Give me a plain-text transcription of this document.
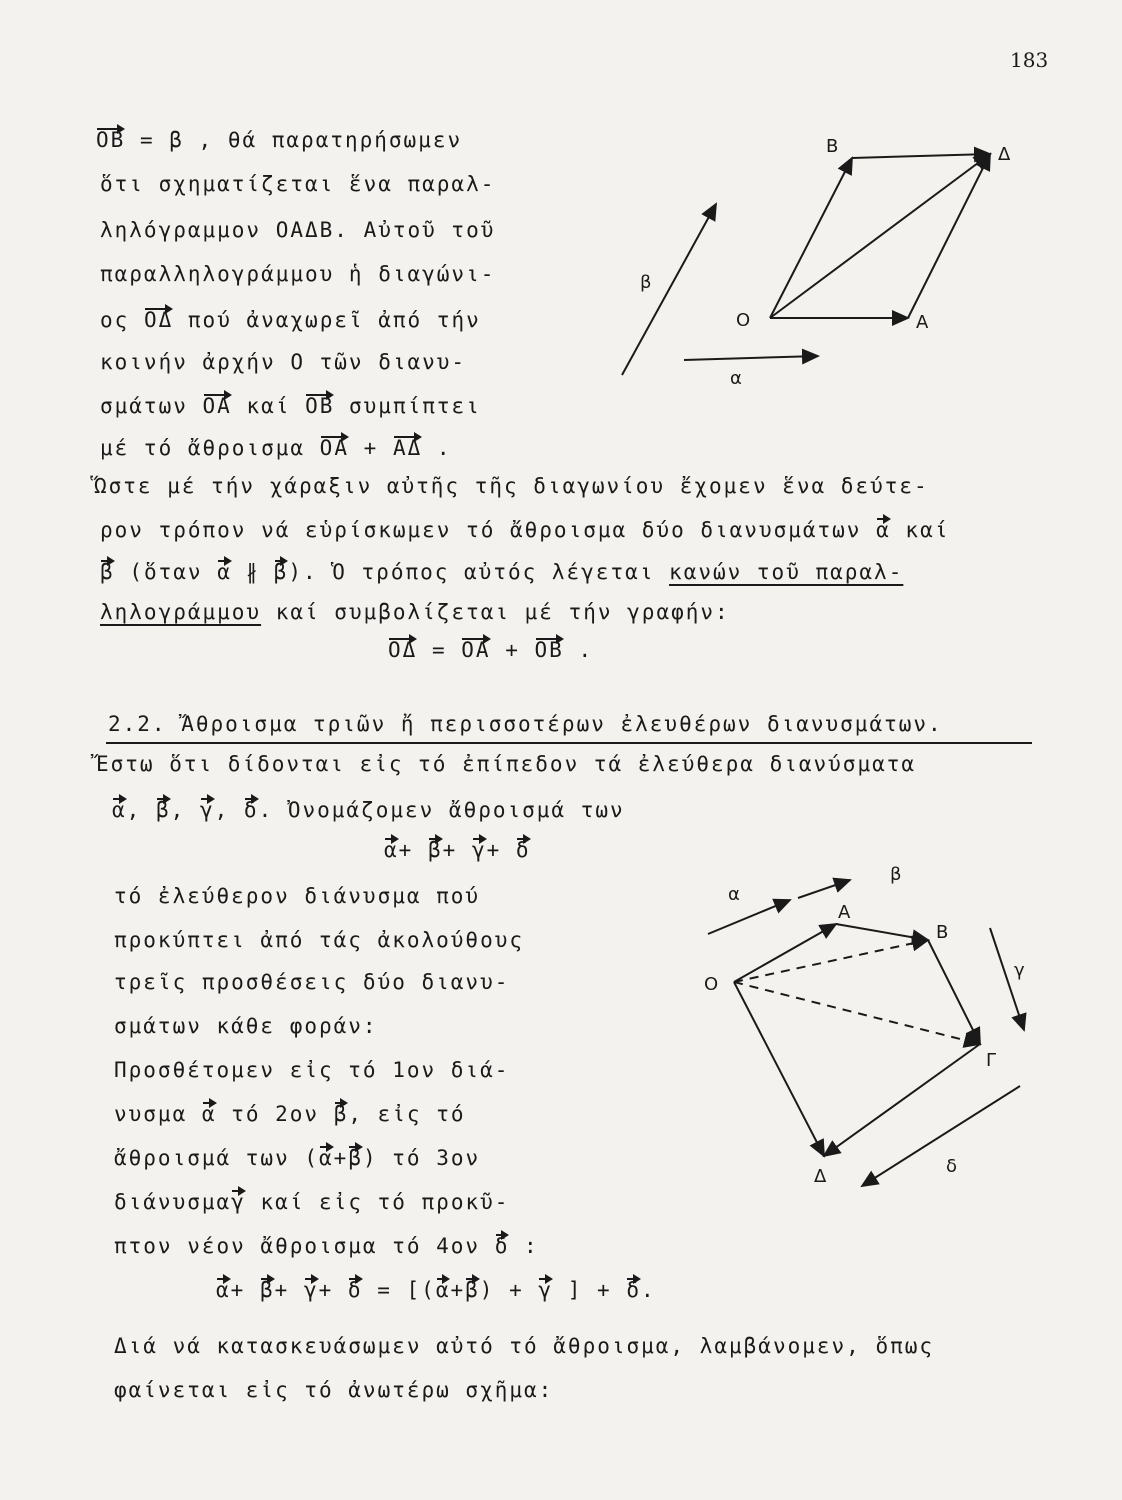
183
OB = β , θά παρατηρήσωμεν
ὅτι σχηματίζεται ἕνα παραλ-
ληλόγραμμον ΟΑΔΒ. Αὐτοῦ τοῦ
παραλληλογράμμου ἡ διαγώνι-
ος OΔ πού ἀναχωρεῖ ἀπό τήν
κοινήν ἀρχήν Ο τῶν διανυ-
σμάτων OA καί OB συμπίπτει
μέ τό ἄθροισμα OA + ΑΔ .
Ὥστε μέ τήν χάραξιν αὐτῆς τῆς διαγωνίου ἔχομεν ἕνα δεύτε-
ρον τρόπον νά εὑρίσκωμεν τό ἄθροισμα δύο διανυσμάτων α καί
β (ὅταν α ∦ β). Ὁ τρόπος αὐτός λέγεται κανών τοῦ παραλ-
ληλογράμμου καί συμβολίζεται μέ τήν γραφήν:
OΔ = OA + OB .
2.2. Ἄθροισμα τριῶν ἤ περισσοτέρων ἐλευθέρων διανυσμάτων.
Ἔστω ὅτι δίδονται εἰς τό ἐπίπεδον τά ἐλεύθερα διανύσματα
α, β, γ, δ. Ὀνομάζομεν ἄθροισμά των
α+ β+ γ+ δ
τό ἐλεύθερον διάνυσμα πού
προκύπτει ἀπό τάς ἀκολούθους
τρεῖς προσθέσεις δύο διανυ-
σμάτων κάθε φοράν:
Προσθέτομεν εἰς τό 1ον διά-
νυσμα α τό 2ον β, εἰς τό
ἄθροισμά των (α+β) τό 3ον
διάνυσμαγ καί εἰς τό προκῦ-
πτον νέον ἄθροισμα τό 4ον δ :
α+ β+ γ+ δ = [(α+β) + γ ] + δ.
Διά νά κατασκευάσωμεν αὐτό τό ἄθροισμα, λαμβάνομεν, ὅπως
φαίνεται εἰς τό ἀνωτέρω σχῆμα:
Β	Δ
Ο	Α
β
α
α
β
γ
δ
Α
Β
Ο
Γ
Δ
